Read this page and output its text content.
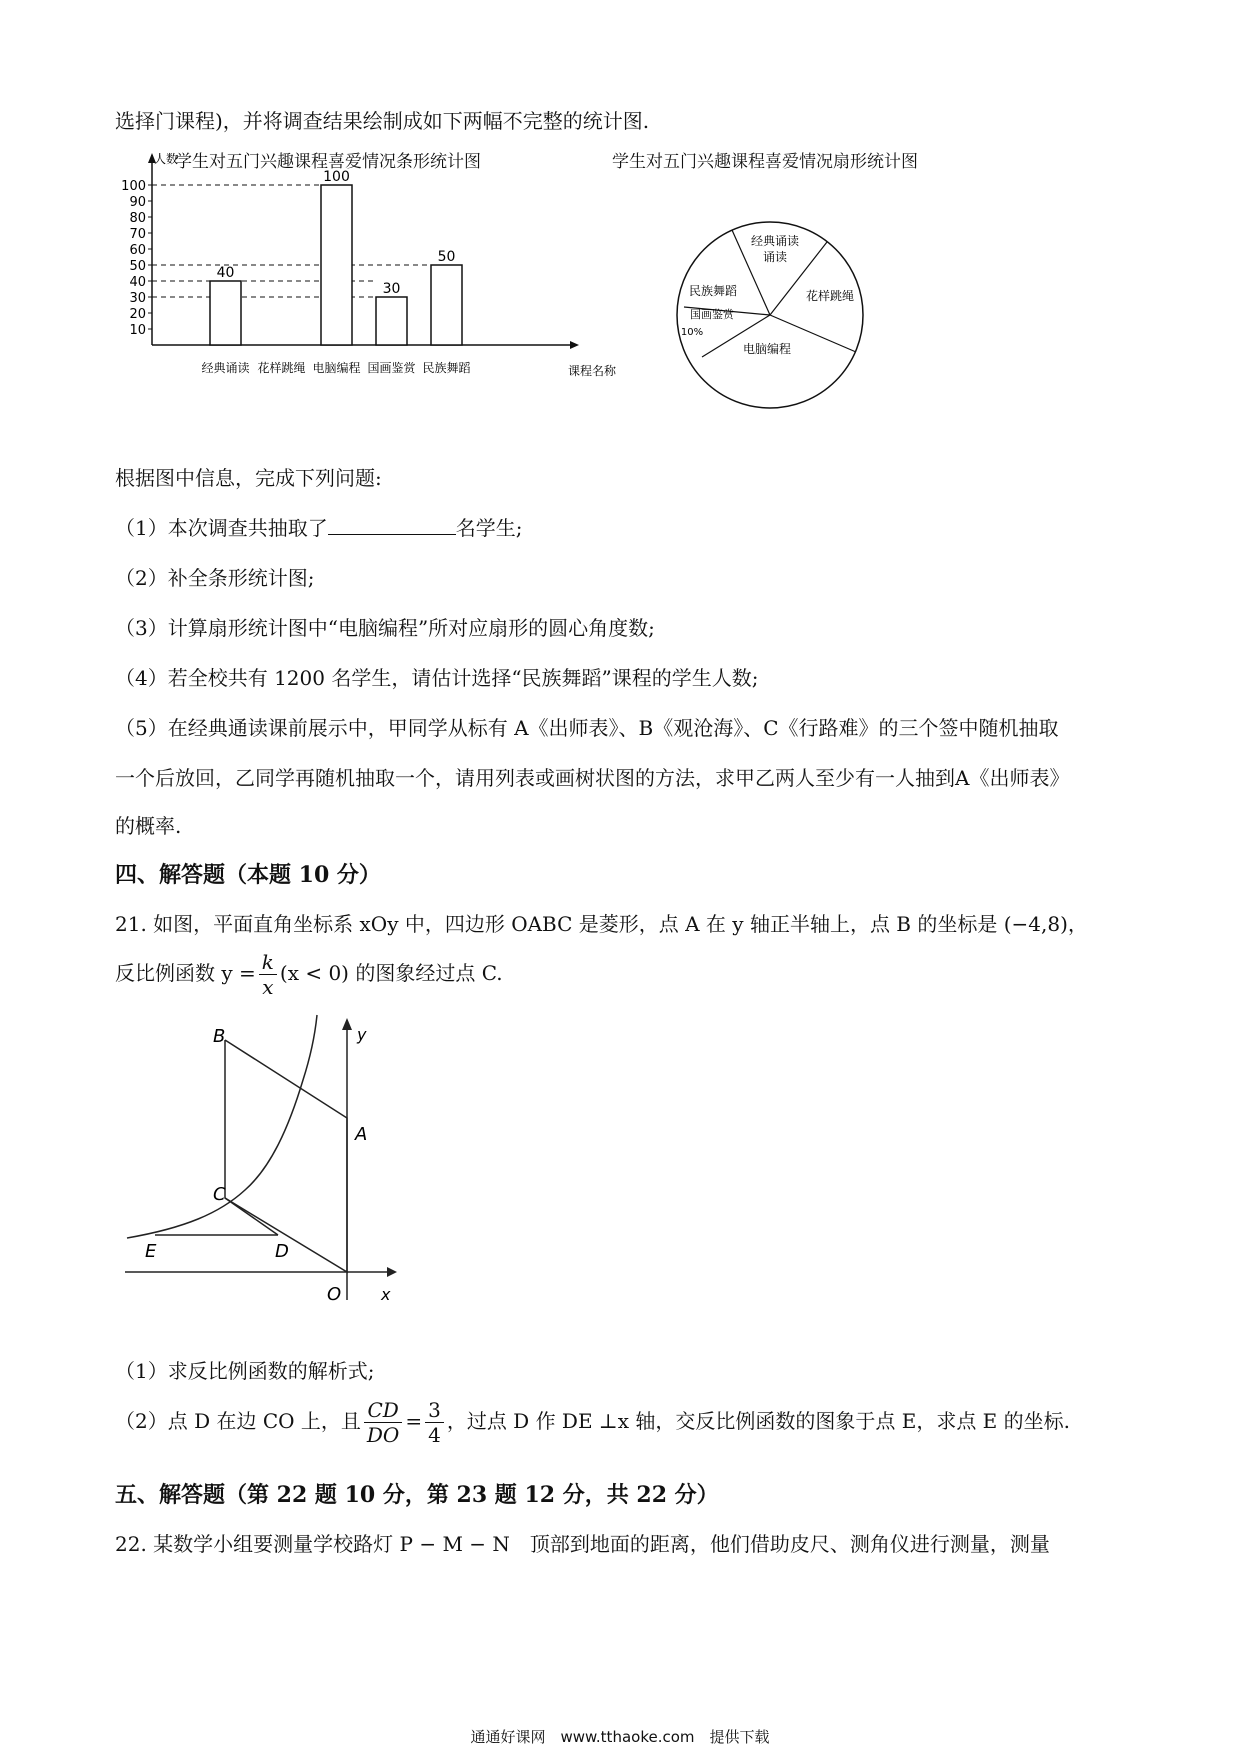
选择门课程)，并将调查结果绘制成如下两幅不完整的统计图.
学生对五门兴趣课程喜爱情况条形统计图	学生对五门兴趣课程喜爱情况扇形统计图
人数
课程名称
10
20
30
40
50
60
70
80
90
100
40
经典诵读 花样跳绳
100
电脑编程
30
国画鉴赏
50
民族舞蹈
经典诵读
诵读
花样跳绳
电脑编程
国画鉴赏
10%
民族舞蹈
根据图中信息，完成下列问题:
（1）本次调查共抽取了	名学生;
（2）补全条形统计图;
（3）计算扇形统计图中“电脑编程”所对应扇形的圆心角度数;
（4）若全校共有 1200 名学生，请估计选择“民族舞蹈”课程的学生人数;
（5）在经典通读课前展示中，甲同学从标有 A《出师表》、B《观沧海》、C《行路难》的三个签中随机抽取
一个后放回，乙同学再随机抽取一个，请用列表或画树状图的方法，求甲乙两人至少有一人抽到A《出师表》
的概率.
四、解答题（本题 10 分）
21. 如图，平面直角坐标系 xOy 中，四边形 OABC 是菱形，点 A 在 y 轴正半轴上，点 B 的坐标是 (−4,8)，
反比例函数 $y = \frac{k}{x} (x < 0)$ 的图象经过点 C.
B
A
C
E	D
O
y
x
（1）求反比例函数的解析式;
（2）点 D 在边 CO 上，且 $\frac{CD}{DO} = \frac{3}{4}$ ，过点 D 作 DE ⊥x 轴，交反比例函数的图象于点 E，求点 E 的坐标.
五、解答题（第 22 题 10 分，第 23 题 12 分，共 22 分）
22. 某数学小组要测量学校路灯 P − M − N　顶部到地面的距离，他们借助皮尺、测角仪进行测量，测量
通通好课网　www.tthaoke.com　提供下载
